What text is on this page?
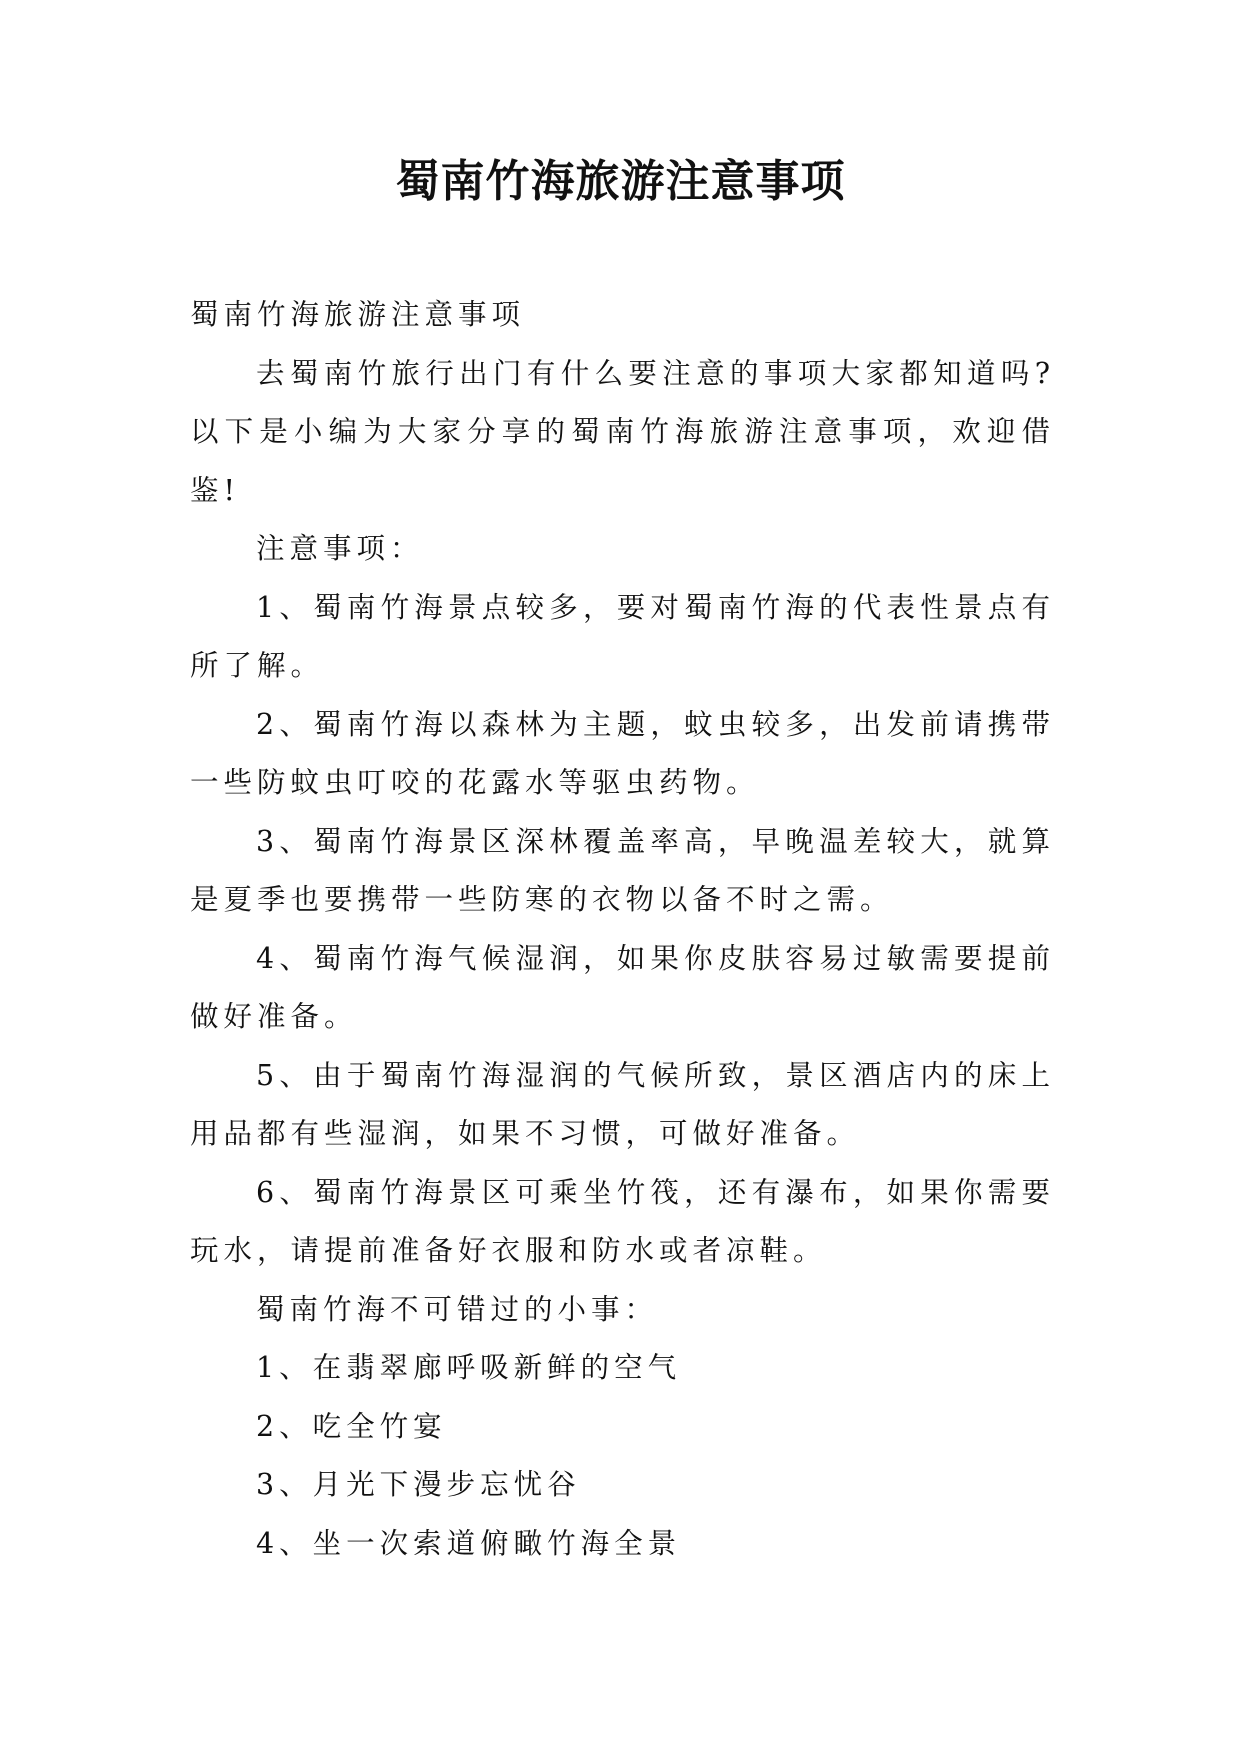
蜀南竹海旅游注意事项

蜀南竹海旅游注意事项

去蜀南竹旅行出门有什么要注意的事项大家都知道吗?以下是小编为大家分享的蜀南竹海旅游注意事项，欢迎借鉴!

注意事项：

1、蜀南竹海景点较多，要对蜀南竹海的代表性景点有所了解。

2、蜀南竹海以森林为主题，蚊虫较多，出发前请携带一些防蚊虫叮咬的花露水等驱虫药物。

3、蜀南竹海景区深林覆盖率高，早晚温差较大，就算是夏季也要携带一些防寒的衣物以备不时之需。

4、蜀南竹海气候湿润，如果你皮肤容易过敏需要提前做好准备。

5、由于蜀南竹海湿润的气候所致，景区酒店内的床上用品都有些湿润，如果不习惯，可做好准备。

6、蜀南竹海景区可乘坐竹筏，还有瀑布，如果你需要玩水，请提前准备好衣服和防水或者凉鞋。

蜀南竹海不可错过的小事：

1、在翡翠廊呼吸新鲜的空气

2、吃全竹宴

3、月光下漫步忘忧谷

4、坐一次索道俯瞰竹海全景
